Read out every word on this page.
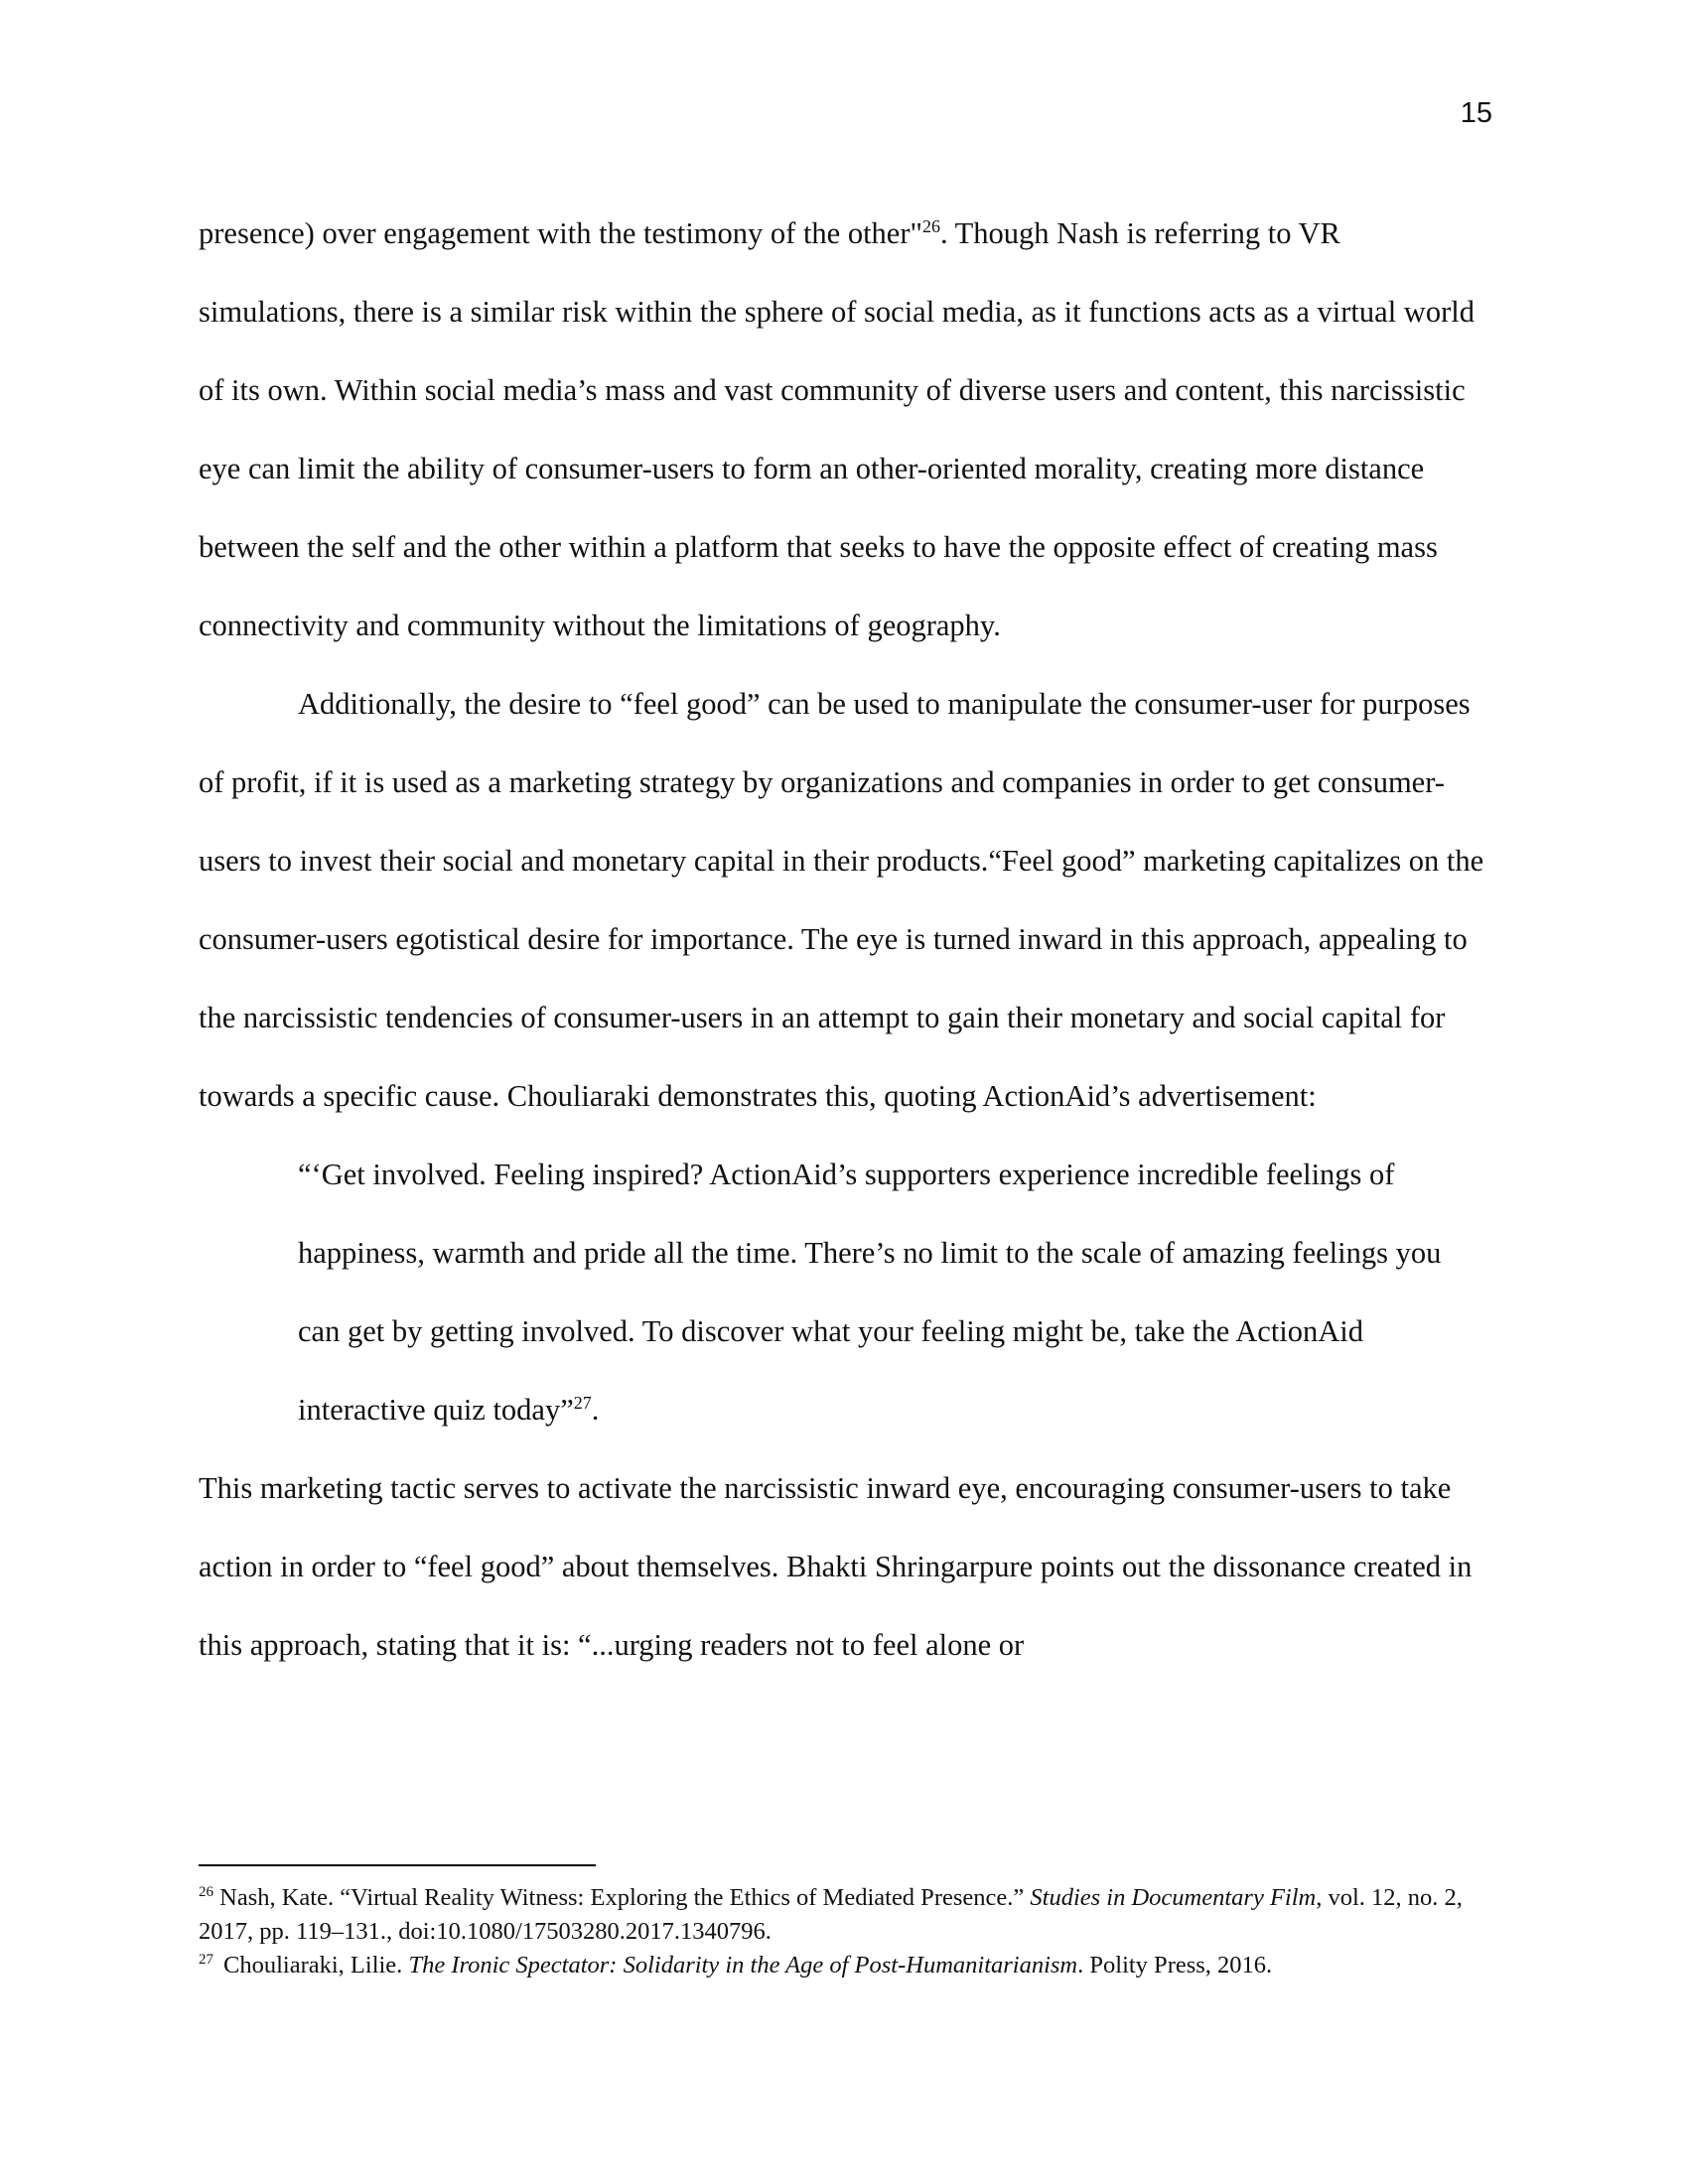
15

presence) over engagement with the testimony of the other"$^{26}$. Though Nash is referring to VR simulations, there is a similar risk within the sphere of social media, as it functions acts as a virtual world of its own. Within social media’s mass and vast community of diverse users and content, this narcissistic eye can limit the ability of consumer-users to form an other-oriented morality, creating more distance between the self and the other within a platform that seeks to have the opposite effect of creating mass connectivity and community without the limitations of geography.

Additionally, the desire to “feel good” can be used to manipulate the consumer-user for purposes of profit, if it is used as a marketing strategy by organizations and companies in order to get consumer-users to invest their social and monetary capital in their products.“Feel good” marketing capitalizes on the consumer-users egotistical desire for importance. The eye is turned inward in this approach, appealing to the narcissistic tendencies of consumer-users in an attempt to gain their monetary and social capital for towards a specific cause. Chouliaraki demonstrates this, quoting ActionAid’s advertisement:

“‘Get involved. Feeling inspired? ActionAid’s supporters experience incredible feelings of happiness, warmth and pride all the time. There’s no limit to the scale of amazing feelings you can get by getting involved. To discover what your feeling might be, take the ActionAid interactive quiz today”$^{27}$.

This marketing tactic serves to activate the narcissistic inward eye, encouraging consumer-users to take action in order to “feel good” about themselves. Bhakti Shringarpure points out the dissonance created in this approach, stating that it is: “...urging readers not to feel alone or

$^{26}$ Nash, Kate. “Virtual Reality Witness: Exploring the Ethics of Mediated Presence.” Studies in Documentary Film, vol. 12, no. 2, 2017, pp. 119–131., doi:10.1080/17503280.2017.1340796.

$^{27}$ Chouliaraki, Lilie. The Ironic Spectator: Solidarity in the Age of Post-Humanitarianism. Polity Press, 2016.
